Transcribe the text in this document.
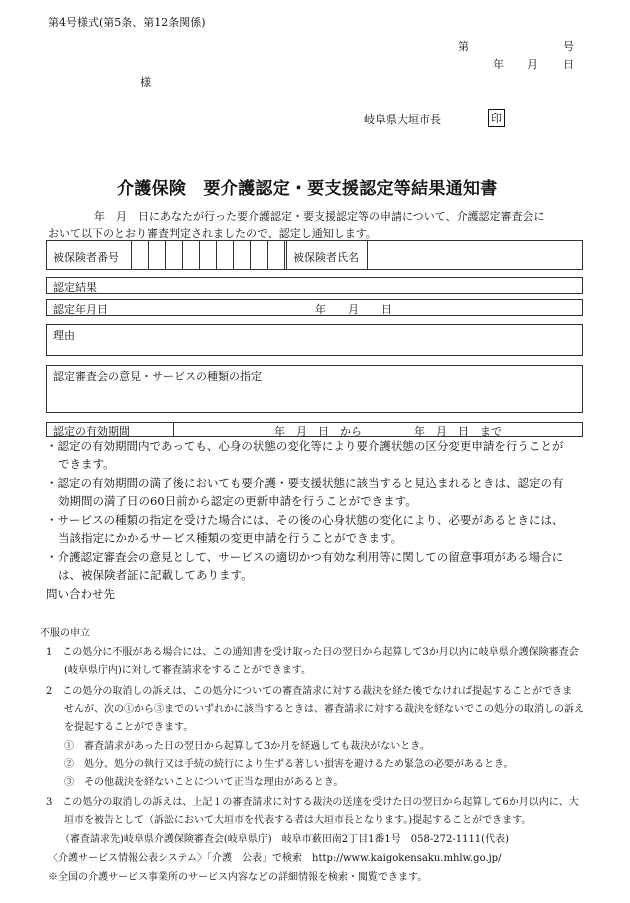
第4号様式(第5条、第12条関係)
第	号
年 月 日
様
岐阜県大垣市長	印
介護保険　要介護認定・要支援認定等結果通知書
年　月　日にあなたが行った要介護認定・要支援認定等の申請について、介護認定審査会に
おいて以下のとおり審査判定されましたので、認定し通知します。
被保険者番号	被保険者氏名
認定結果
認定年月日	年　　月　　日
理由
認定審査会の意見・サービスの種類の指定
認定の有効期間	年　月　日　から	年　月　日　まで
・認定の有効期間内であっても、心身の状態の変化等により要介護状態の区分変更申請を行うことが
できます。
・認定の有効期間の満了後においても要介護・要支援状態に該当すると見込まれるときは、認定の有
効期間の満了日の60日前から認定の更新申請を行うことができます。
・サービスの種類の指定を受けた場合には、その後の心身状態の変化により、必要があるときには、
当該指定にかかるサービス種類の変更申請を行うことができます。
・介護認定審査会の意見として、サービスの適切かつ有効な利用等に関しての留意事項がある場合に
は、被保険者証に記載してあります。
問い合わせ先
不服の申立
1　この処分に不服がある場合には、この通知書を受け取った日の翌日から起算して3か月以内に岐阜県介護保険審査会
(岐阜県庁内)に対して審査請求をすることができます。
2　この処分の取消しの訴えは、この処分についての審査請求に対する裁決を経た後でなければ提起することができま
せんが、次の①から③までのいずれかに該当するときは、審査請求に対する裁決を経ないでこの処分の取消しの訴え
を提起することができます。
①　審査請求があった日の翌日から起算して3か月を経過しても裁決がないとき。
②　処分、処分の執行又は手続の続行により生ずる著しい損害を避けるため緊急の必要があるとき。
③　その他裁決を経ないことについて正当な理由があるとき。
3　この処分の取消しの訴えは、上記１の審査請求に対する裁決の送達を受けた日の翌日から起算して6か月以内に、大
垣市を被告として（訴訟において大垣市を代表する者は大垣市長となります。)提起することができます。
（審査請求先)岐阜県介護保険審査会(岐阜県庁)　岐阜市薮田南2丁目1番1号　058-272-1111(代表)
〈介護サービス情報公表システム〉「介護　公表」で検索　http://www.kaigokensaku.mhlw.go.jp/
※全国の介護サービス事業所のサービス内容などの詳細情報を検索・閲覧できます。
